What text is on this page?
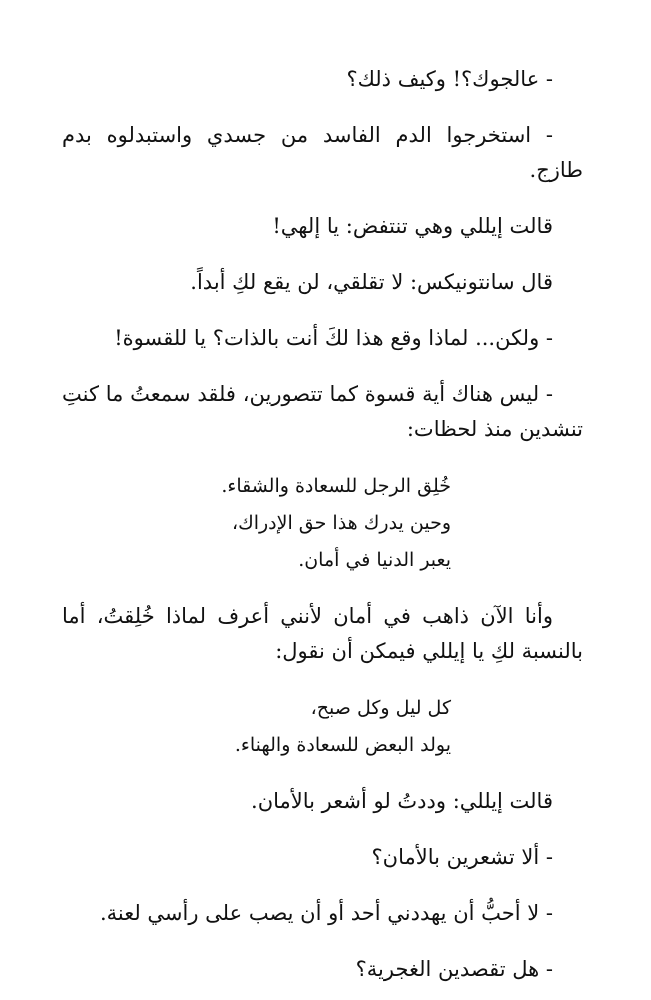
- عالجوك؟! وكيف ذلك؟

- استخرجوا الدم الفاسد من جسدي واستبدلوه بدم طازج.

قالت إيللي وهي تنتفض: يا إلهي!

قال سانتونيكس: لا تقلقي، لن يقع لكِ أبداً.

- ولكن... لماذا وقع هذا لكَ أنت بالذات؟ يا للقسوة!

- ليس هناك أية قسوة كما تتصورين، فلقد سمعتُ ما كنتِ تنشدين منذ لحظات:

خُلِق الرجل للسعادة والشقاء.
وحين يدرك هذا حق الإدراك،
يعبر الدنيا في أمان.

وأنا الآن ذاهب في أمان لأنني أعرف لماذا خُلِقتُ، أما بالنسبة لكِ يا إيللي فيمكن أن نقول:

كل ليل وكل صبح،
يولد البعض للسعادة والهناء.

قالت إيللي: وددتُ لو أشعر بالأمان.

- ألا تشعرين بالأمان؟

- لا أحبُّ أن يهددني أحد أو أن يصب على رأسي لعنة.

- هل تقصدين الغجرية؟
